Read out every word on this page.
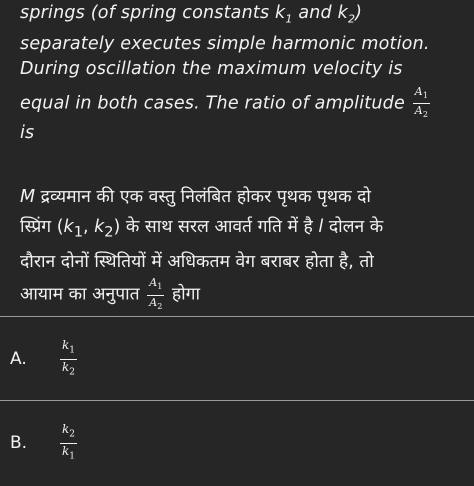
springs (of spring constants $k_1$ and $k_2$)
separately executes simple harmonic motion.
During oscillation the maximum velocity is
equal in both cases. The ratio of amplitude $\frac{A_1}{A_2}$
is
M द्रव्यमान की एक वस्तु निलंबित होकर पृथक पृथक दो
स्प्रिंग ($k_1$, $k_2$) के साथ सरल आवर्त गति में है l दोलन के
दौरान दोनों स्थितियों में अधिकतम वेग बराबर होता है, तो
आयाम का अनुपात $\frac{A_1}{A_2}$ होगा
A.	$\frac{k_1}{k_2}$
B.	$\frac{k_2}{k_1}$
